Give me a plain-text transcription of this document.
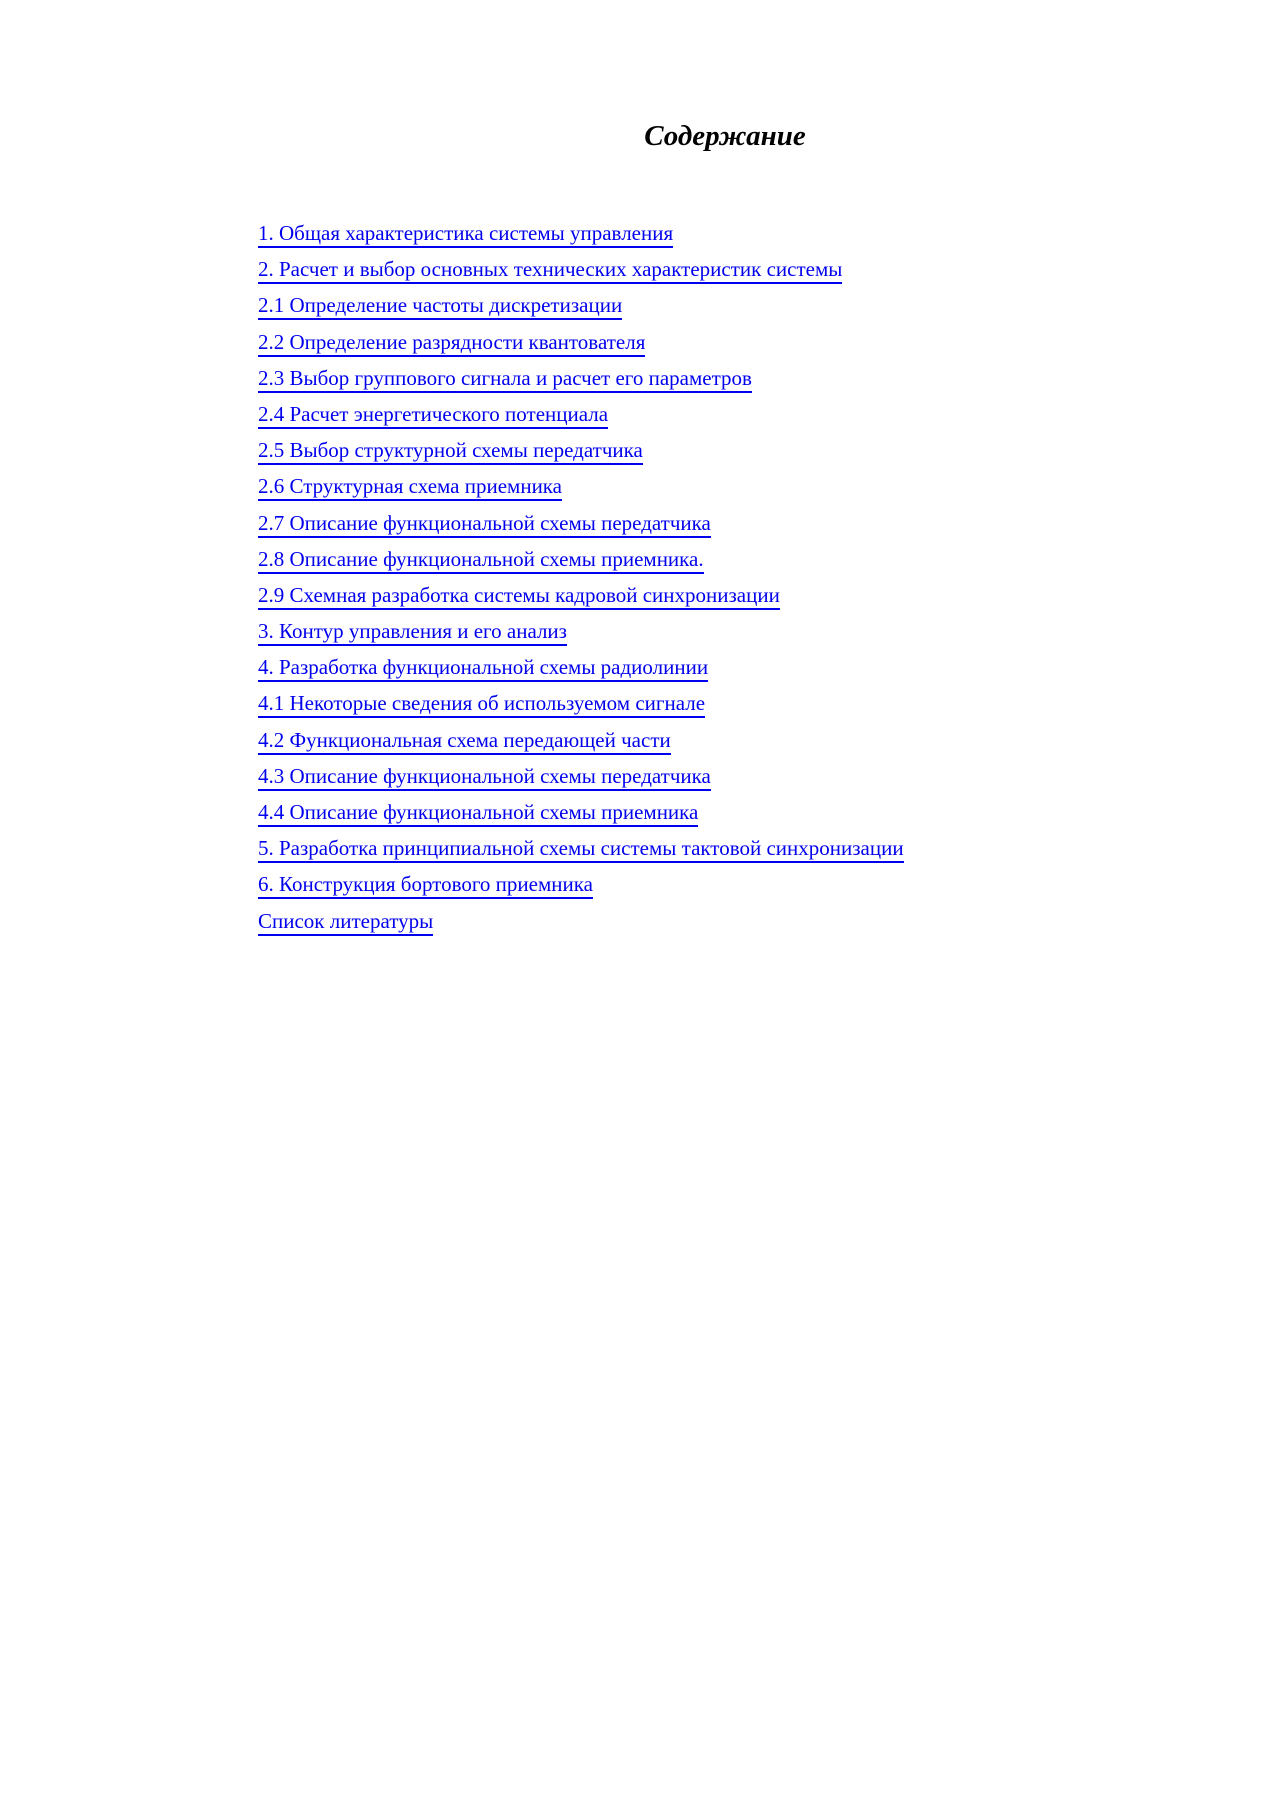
Содержание
1. Общая характеристика системы управления
2. Расчет и выбор основных технических характеристик системы
2.1 Определение частоты дискретизации
2.2 Определение разрядности квантователя
2.3 Выбор группового сигнала и расчет его параметров
2.4 Расчет энергетического потенциала
2.5 Выбор структурной схемы передатчика
2.6 Структурная схема приемника
2.7 Описание функциональной схемы передатчика
2.8 Описание функциональной схемы приемника.
2.9 Схемная разработка системы кадровой синхронизации
3. Контур управления и его анализ
4. Разработка функциональной схемы радиолинии
4.1 Некоторые сведения об используемом сигнале
4.2 Функциональная схема передающей части
4.3 Описание функциональной схемы передатчика
4.4 Описание функциональной схемы приемника
5. Разработка принципиальной схемы системы тактовой синхронизации
6. Конструкция бортового приемника
Список литературы
